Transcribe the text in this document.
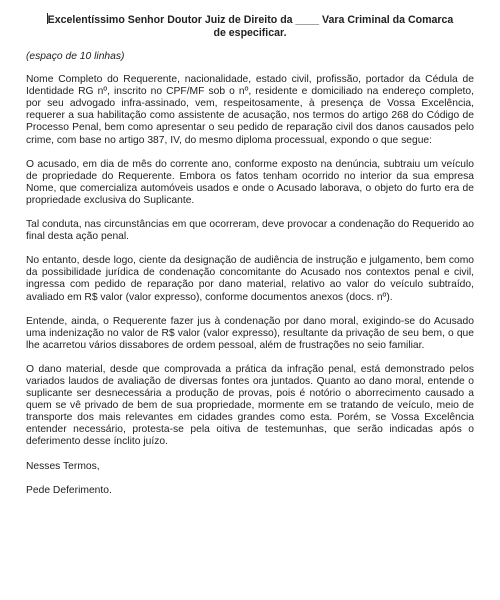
Excelentíssimo Senhor Doutor Juiz de Direito da ____ Vara Criminal da Comarca
de especificar.
(espaço de 10 linhas)

Nome Completo do Requerente, nacionalidade, estado civil, profissão, portador da Cédula de Identidade RG nº, inscrito no CPF/MF sob o nº, residente e domiciliado na endereço completo, por seu advogado infra-assinado, vem, respeitosamente, à presença de Vossa Excelência, requerer a sua habilitação como assistente de acusação, nos termos do artigo 268 do Código de Processo Penal, bem como apresentar o seu pedido de reparação civil dos danos causados pelo crime, com base no artigo 387, IV, do mesmo diploma processual, expondo o que segue:

O acusado, em dia de mês do corrente ano, conforme exposto na denúncia, subtraiu um veículo de propriedade do Requerente. Embora os fatos tenham ocorrido no interior da sua empresa Nome, que comercializa automóveis usados e onde o Acusado laborava, o objeto do furto era de propriedade exclusiva do Suplicante.

Tal conduta, nas circunstâncias em que ocorreram, deve provocar a condenação do Requerido ao final desta ação penal.

No entanto, desde logo, ciente da designação de audiência de instrução e julgamento, bem como da possibilidade jurídica de condenação concomitante do Acusado nos contextos penal e civil, ingressa com pedido de reparação por dano material, relativo ao valor do veículo subtraído, avaliado em R$ valor (valor expresso), conforme documentos anexos (docs. nº).

Entende, ainda, o Requerente fazer jus à condenação por dano moral, exigindo-se do Acusado uma indenização no valor de R$ valor (valor expresso), resultante da privação de seu bem, o que lhe acarretou vários dissabores de ordem pessoal, além de frustrações no seio familiar.

O dano material, desde que comprovada a prática da infração penal, está demonstrado pelos variados laudos de avaliação de diversas fontes ora juntados. Quanto ao dano moral, entende o suplicante ser desnecessária a produção de provas, pois é notório o aborrecimento causado a quem se vê privado de bem de sua propriedade, mormente em se tratando de veículo, meio de transporte dos mais relevantes em cidades grandes como esta. Porém, se Vossa Excelência entender necessário, protesta-se pela oitiva de testemunhas, que serão indicadas após o deferimento desse ínclito juízo.

Nesses Termos,

Pede Deferimento.
